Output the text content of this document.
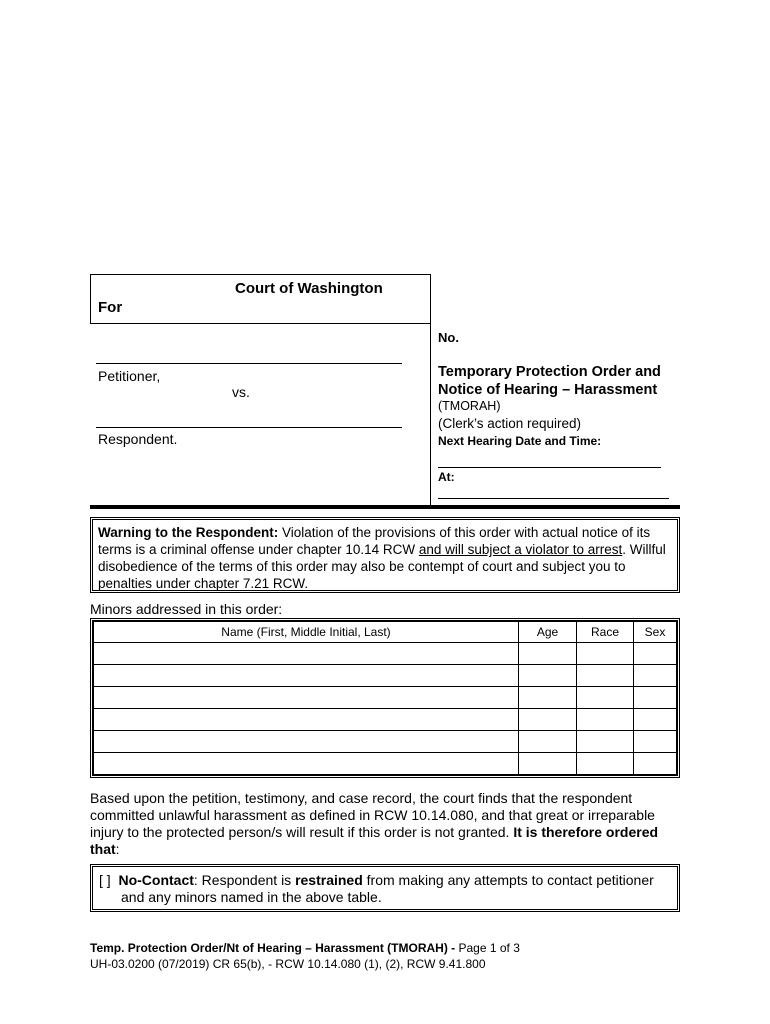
Court of Washington
For
Petitioner,
vs.
Respondent.
No.
Temporary Protection Order and
Notice of Hearing – Harassment
(TMORAH)
(Clerk’s action required)
Next Hearing Date and Time:
At:
Warning to the Respondent: Violation of the provisions of this order with actual notice of its terms is a criminal offense under chapter 10.14 RCW and will subject a violator to arrest. Willful disobedience of the terms of this order may also be contempt of court and subject you to penalties under chapter 7.21 RCW.
Minors addressed in this order:
Name (First, Middle Initial, Last)	Age	Race	Sex

Based upon the petition, testimony, and case record, the court finds that the respondent committed unlawful harassment as defined in RCW 10.14.080, and that great or irreparable injury to the protected person/s will result if this order is not granted. It is therefore ordered that:
[ ] No-Contact: Respondent is restrained from making any attempts to contact petitioner
and any minors named in the above table.
Temp. Protection Order/Nt of Hearing – Harassment (TMORAH) - Page 1 of 3
UH-03.0200 (07/2019) CR 65(b), - RCW 10.14.080 (1), (2), RCW 9.41.800
